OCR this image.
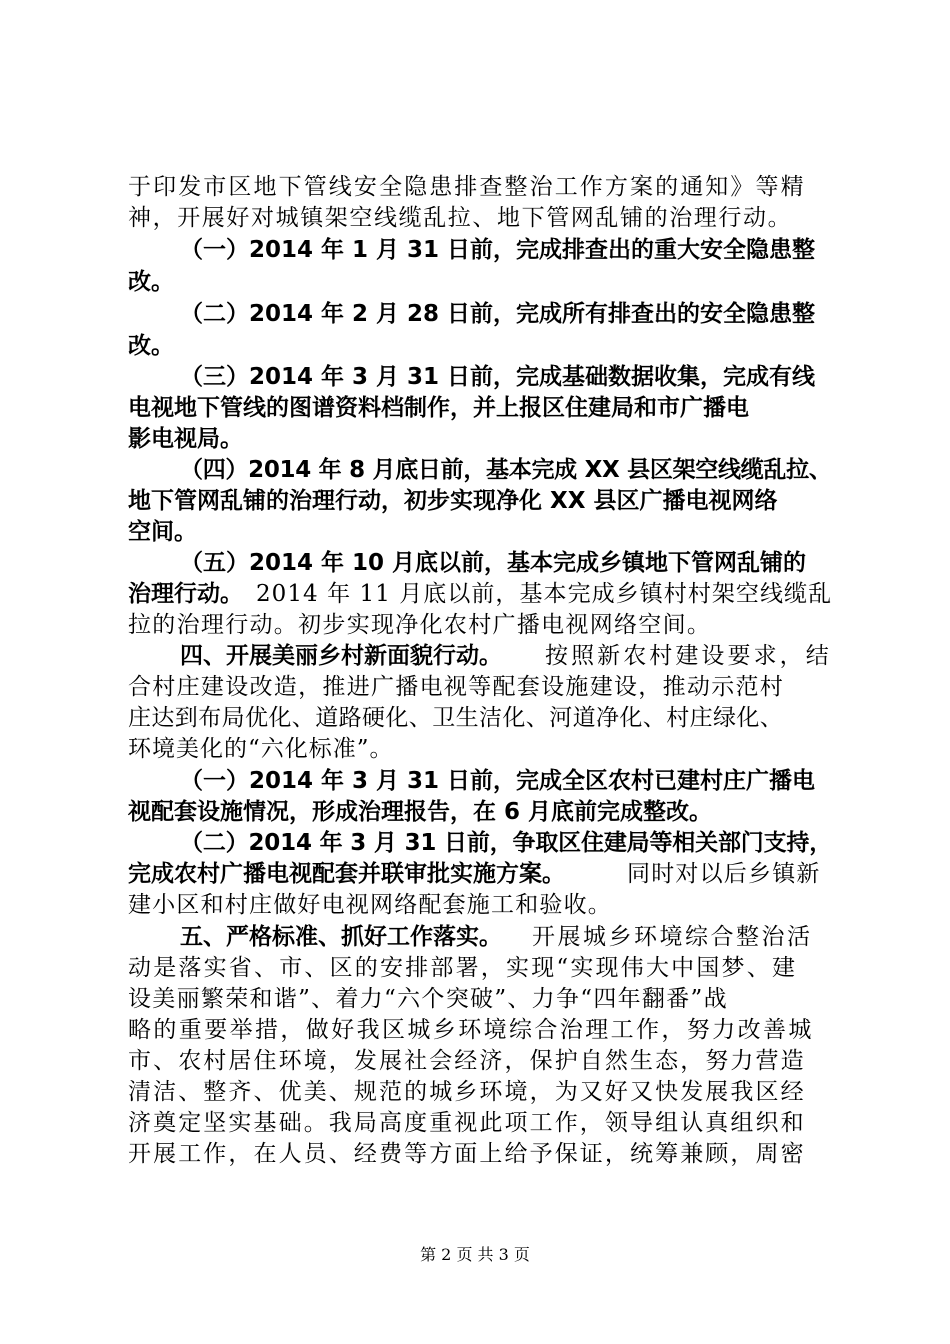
于印发市区地下管线安全隐患排查整治工作方案的通知》等精
神，开展好对城镇架空线缆乱拉、地下管网乱铺的治理行动。
（一）2014 年 1 月 31 日前，完成排查出的重大安全隐患整
改。
（二）2014 年 2 月 28 日前，完成所有排查出的安全隐患整
改。
（三）2014 年 3 月 31 日前，完成基础数据收集，完成有线
电视地下管线的图谱资料档制作，并上报区住建局和市广播电
影电视局。
（四）2014 年 8 月底日前，基本完成 XX 县区架空线缆乱拉、
地下管网乱铺的治理行动，初步实现净化 XX 县区广播电视网络
空间。
（五）2014 年 10 月底以前，基本完成乡镇地下管网乱铺的
治理行动。 2014 年 11 月底以前，基本完成乡镇村村架空线缆乱
拉的治理行动。初步实现净化农村广播电视网络空间。
四、开展美丽乡村新面貌行动。 按照新农村建设要求，结
合村庄建设改造，推进广播电视等配套设施建设，推动示范村
庄达到布局优化、道路硬化、卫生洁化、河道净化、村庄绿化、
环境美化的“六化标准”。
（一）2014 年 3 月 31 日前，完成全区农村已建村庄广播电
视配套设施情况，形成治理报告，在 6 月底前完成整改。
（二）2014 年 3 月 31 日前，争取区住建局等相关部门支持，
完成农村广播电视配套并联审批实施方案。	同时对以后乡镇新
建小区和村庄做好电视网络配套施工和验收。
五、严格标准、抓好工作落实。 开展城乡环境综合整治活
动是落实省、市、区的安排部署，实现“实现伟大中国梦、建
设美丽繁荣和谐”、着力“六个突破”、力争“四年翻番”战
略的重要举措，做好我区城乡环境综合治理工作，努力改善城
市、农村居住环境，发展社会经济，保护自然生态，努力营造
清洁、整齐、优美、规范的城乡环境，为又好又快发展我区经
济奠定坚实基础。我局高度重视此项工作，领导组认真组织和
开展工作，在人员、经费等方面上给予保证，统筹兼顾，周密
第 2 页 共 3 页
